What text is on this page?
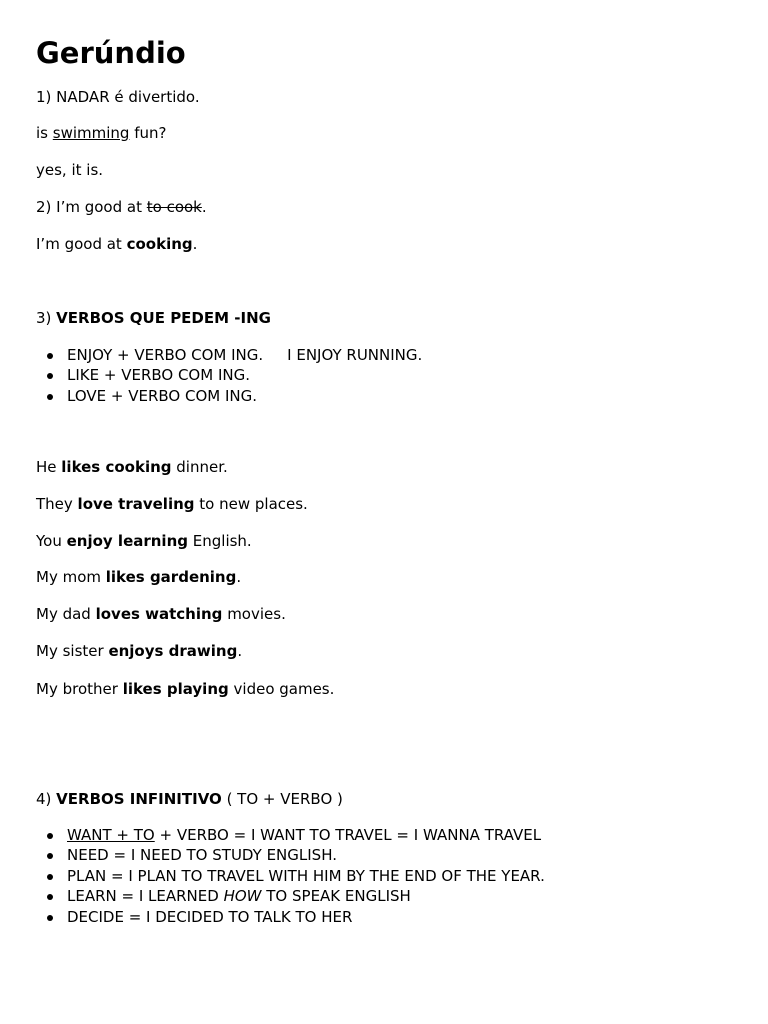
Gerúndio

1) NADAR é divertido.

is swimming fun?

yes, it is.

2) I’m good at to cook.

I’m good at cooking.

3) VERBOS QUE PEDEM -ING

ENJOY + VERBO COM ING. I ENJOY RUNNING.
LIKE + VERBO COM ING.
LOVE + VERBO COM ING.

He likes cooking dinner.

They love traveling to new places.

You enjoy learning English.

My mom likes gardening.

My dad loves watching movies.

My sister enjoys drawing.

My brother likes playing video games.

4) VERBOS INFINITIVO ( TO + VERBO )

WANT + TO + VERBO = I WANT TO TRAVEL = I WANNA TRAVEL
NEED = I NEED TO STUDY ENGLISH.
PLAN = I PLAN TO TRAVEL WITH HIM BY THE END OF THE YEAR.
LEARN = I LEARNED HOW TO SPEAK ENGLISH
DECIDE = I DECIDED TO TALK TO HER
